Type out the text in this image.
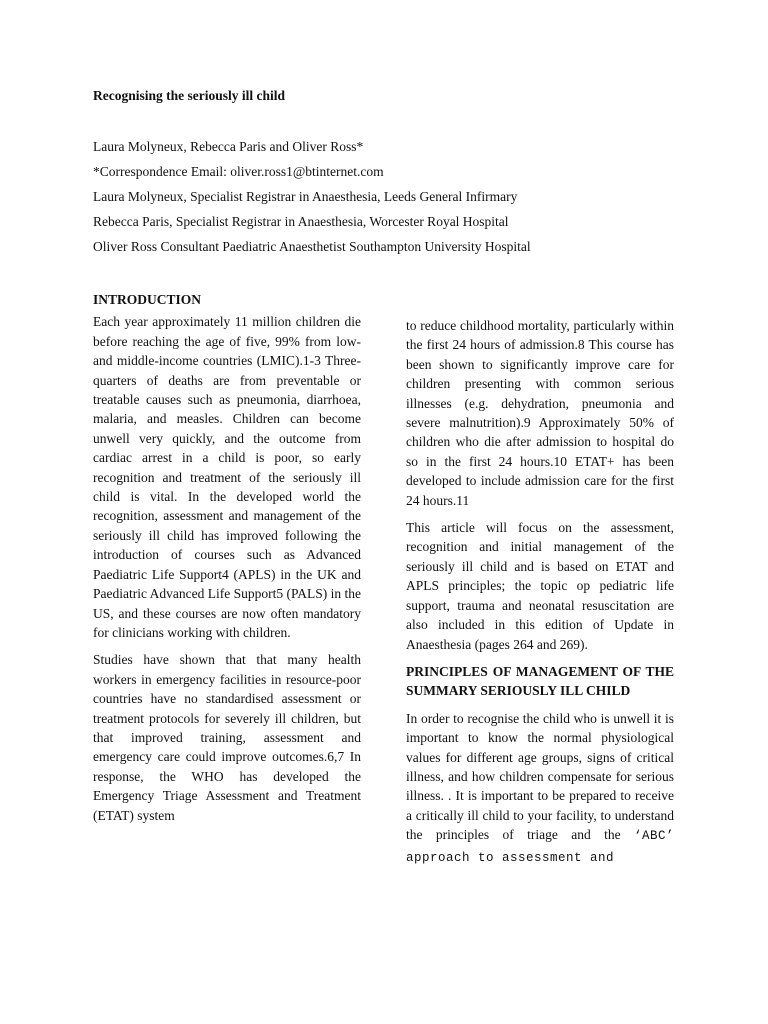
Recognising the seriously ill child

Laura Molyneux, Rebecca Paris and Oliver Ross*

*Correspondence Email: oliver.ross1@btinternet.com

Laura Molyneux, Specialist Registrar in Anaesthesia, Leeds General Infirmary

Rebecca Paris, Specialist Registrar in Anaesthesia, Worcester Royal Hospital

Oliver Ross Consultant Paediatric Anaesthetist Southampton University Hospital

INTRODUCTION

Each year approximately 11 million children die before reaching the age of five, 99% from low- and middle-income countries (LMIC).1-3 Three-quarters of deaths are from preventable or treatable causes such as pneumonia, diarrhoea, malaria, and measles. Children can become unwell very quickly, and the outcome from cardiac arrest in a child is poor, so early recognition and treatment of the seriously ill child is vital. In the developed world the recognition, assessment and management of the seriously ill child has improved following the introduction of courses such as Advanced Paediatric Life Support4 (APLS) in the UK and Paediatric Advanced Life Support5 (PALS) in the US, and these courses are now often mandatory for clinicians working with children.

Studies have shown that that many health workers in emergency facilities in resource-poor countries have no standardised assessment or treatment protocols for severely ill children, but that improved training, assessment and emergency care could improve outcomes.6,7 In response, the WHO has developed the Emergency Triage Assessment and Treatment (ETAT) system

to reduce childhood mortality, particularly within the first 24 hours of admission.8 This course has been shown to significantly improve care for children presenting with common serious illnesses (e.g. dehydration, pneumonia and severe malnutrition).9 Approximately 50% of children who die after admission to hospital do so in the first 24 hours.10 ETAT+ has been developed to include admission care for the first 24 hours.11

This article will focus on the assessment, recognition and initial management of the seriously ill child and is based on ETAT and APLS principles; the topic op pediatric life support, trauma and neonatal resuscitation are also included in this edition of Update in Anaesthesia (pages 264 and 269).

PRINCIPLES OF MANAGEMENT OF THE SUMMARY SERIOUSLY ILL CHILD

In order to recognise the child who is unwell it is important to know the normal physiological values for different age groups, signs of critical illness, and how children compensate for serious illness. . It is important to be prepared to receive a critically ill child to your facility, to understand the principles of triage and the ‘ABC’ approach to assessment and
